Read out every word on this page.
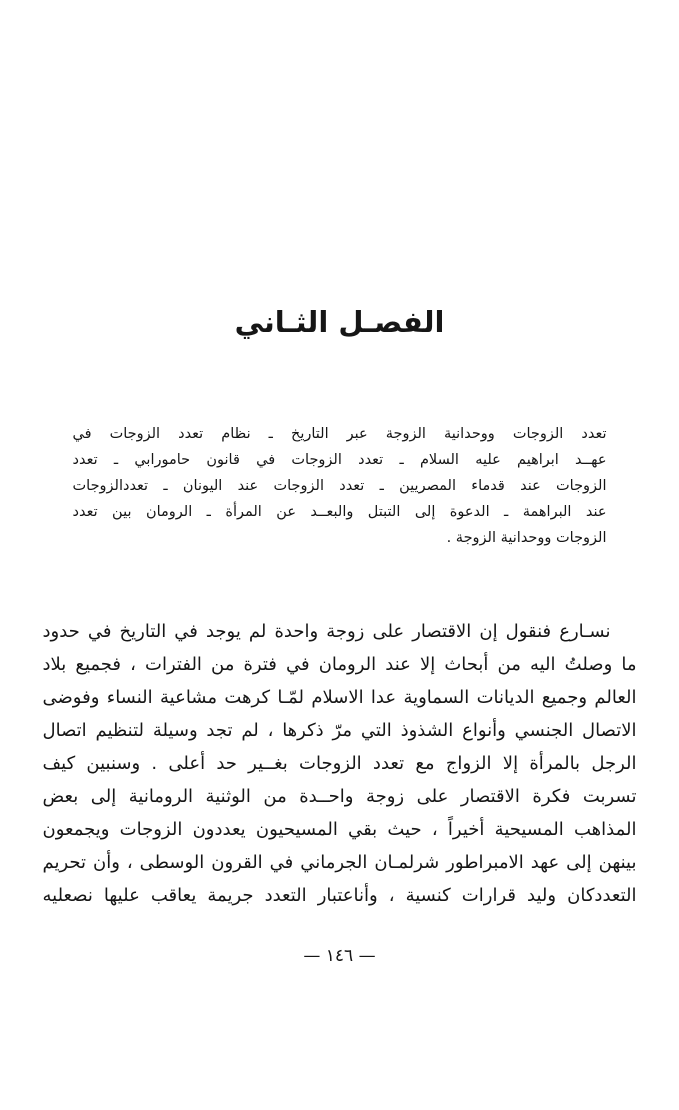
الفصـل الثـاني
تعدد الزوجات ووحدانية الزوجة عبر التاريخ ـ نظام تعدد الزوجات في
عهــد ابراهيم عليه السلام ـ تعدد الزوجات في قانون حامورابي ـ تعدد
الزوجات عند قدماء المصريين ـ تعدد الزوجات عند اليونان ـ تعددالزوجات
عند البراهمة ـ الدعوة إلى التبتل والبعــد عن المرأة ـ الرومان بين تعدد
الزوجات ووحدانية الزوجة .
نسـارع فنقول إن الاقتصار على زوجة واحدة لم يوجد في التاريخ في حدود
ما وصلتُ اليه من أبحاث إلا عند الرومان في فترة من الفترات ، فجميع بلاد
العالم وجميع الديانات السماوية عدا الاسلام لمّـا كرهت مشاعية النساء وفوضى
الاتصال الجنسي وأنواع الشذوذ التي مرّ ذكرها ، لم تجد وسيلة لتنظيم اتصال
الرجل بالمرأة إلا الزواج مع تعدد الزوجات بغــير حد أعلى . وسنبين كيف
تسربت فكرة الاقتصار على زوجة واحــدة من الوثنية الرومانية إلى بعض
المذاهب المسيحية أخيراً ، حيث بقي المسيحيون يعددون الزوجات ويجمعون
بينهن إلى عهد الامبراطور شرلمـان الجرماني في القرون الوسطى ، وأن تحريم
التعددكان وليد قرارات كنسية ، وأناعتبار التعدد جريمة يعاقب عليها نصعليه
— ١٤٦ —
